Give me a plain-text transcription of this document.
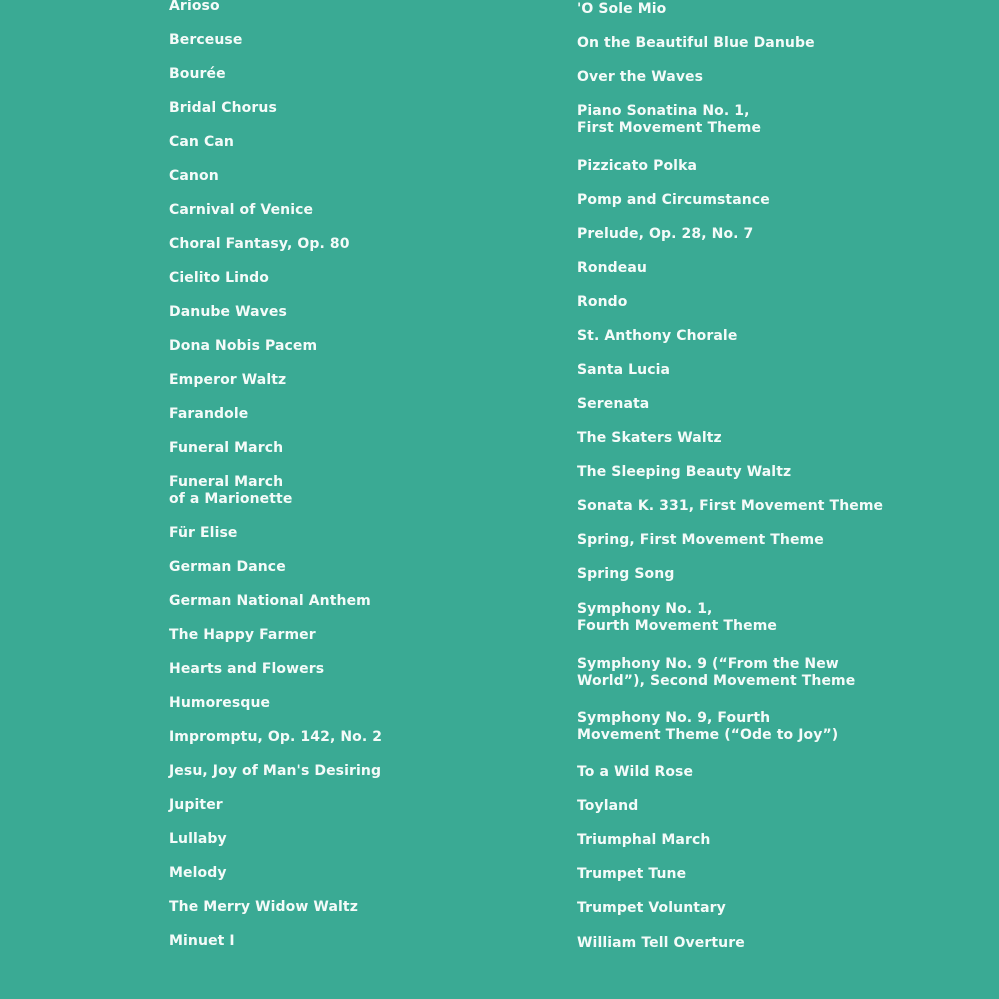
Arioso
Berceuse
Bourée
Bridal Chorus
Can Can
Canon
Carnival of Venice
Choral Fantasy, Op. 80
Cielito Lindo
Danube Waves
Dona Nobis Pacem
Emperor Waltz
Farandole
Funeral March
Funeral March
of a Marionette
Für Elise
German Dance
German National Anthem
The Happy Farmer
Hearts and Flowers
Humoresque
Impromptu, Op. 142, No. 2
Jesu, Joy of Man's Desiring
Jupiter
Lullaby
Melody
The Merry Widow Waltz
Minuet I
'O Sole Mio
On the Beautiful Blue Danube
Over the Waves
Piano Sonatina No. 1,
First Movement Theme
Pizzicato Polka
Pomp and Circumstance
Prelude, Op. 28, No. 7
Rondeau
Rondo
St. Anthony Chorale
Santa Lucia
Serenata
The Skaters Waltz
The Sleeping Beauty Waltz
Sonata K. 331, First Movement Theme
Spring, First Movement Theme
Spring Song
Symphony No. 1,
Fourth Movement Theme
Symphony No. 9 (“From the New
World”), Second Movement Theme
Symphony No. 9, Fourth
Movement Theme (“Ode to Joy”)
To a Wild Rose
Toyland
Triumphal March
Trumpet Tune
Trumpet Voluntary
William Tell Overture
